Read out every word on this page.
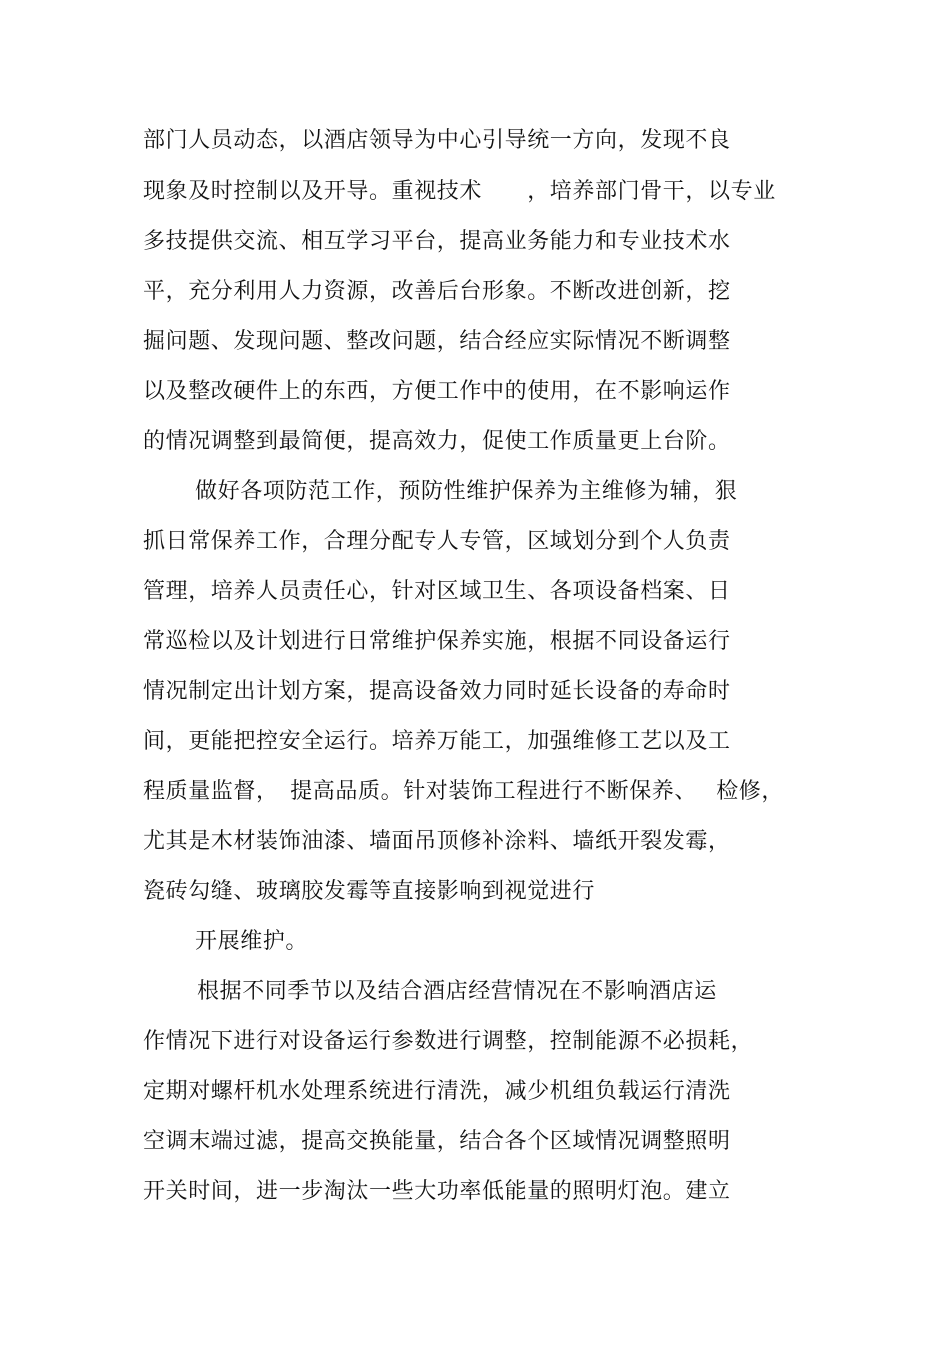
部门人员动态，以酒店领导为中心引导统一方向，发现不良
现象及时控制以及开导。重视技术　　，培养部门骨干，以专业
多技提供交流、相互学习平台，提高业务能力和专业技术水
平，充分利用人力资源，改善后台形象。不断改进创新，挖
掘问题、发现问题、整改问题，结合经应实际情况不断调整
以及整改硬件上的东西，方便工作中的使用，在不影响运作
的情况调整到最简便，提高效力，促使工作质量更上台阶。
做好各项防范工作，预防性维护保养为主维修为辅，狠
抓日常保养工作，合理分配专人专管，区域划分到个人负责
管理，培养人员责任心，针对区域卫生、各项设备档案、日
常巡检以及计划进行日常维护保养实施，根据不同设备运行
情况制定出计划方案，提高设备效力同时延长设备的寿命时
间，更能把控安全运行。培养万能工，加强维修工艺以及工
程质量监督，　提高品质。针对装饰工程进行不断保养、　 检修，
尤其是木材装饰油漆、墙面吊顶修补涂料、墙纸开裂发霉，
瓷砖勾缝、玻璃胶发霉等直接影响到视觉进行
开展维护。
根据不同季节以及结合酒店经营情况在不影响酒店运
作情况下进行对设备运行参数进行调整，控制能源不必损耗，
定期对螺杆机水处理系统进行清洗，减少机组负载运行清洗
空调末端过滤，提高交换能量，结合各个区域情况调整照明
开关时间，进一步淘汰一些大功率低能量的照明灯泡。建立
